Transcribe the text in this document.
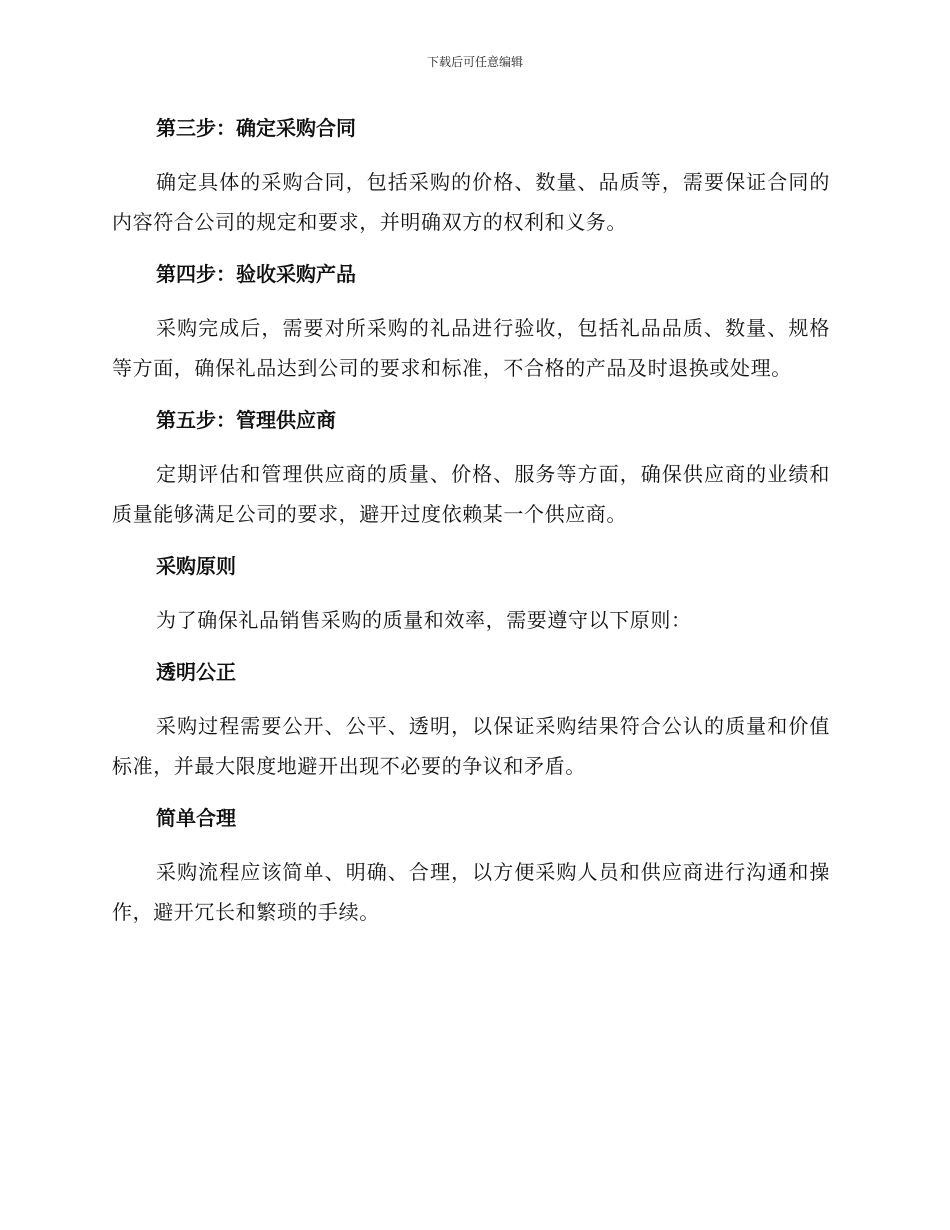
下载后可任意编辑
第三步：确定采购合同

确定具体的采购合同，包括采购的价格、数量、品质等，需要保证合同的内容符合公司的规定和要求，并明确双方的权利和义务。

第四步：验收采购产品

采购完成后，需要对所采购的礼品进行验收，包括礼品品质、数量、规格等方面，确保礼品达到公司的要求和标准，不合格的产品及时退换或处理。

第五步：管理供应商

定期评估和管理供应商的质量、价格、服务等方面，确保供应商的业绩和质量能够满足公司的要求，避开过度依赖某一个供应商。

采购原则

为了确保礼品销售采购的质量和效率，需要遵守以下原则：

透明公正

采购过程需要公开、公平、透明，以保证采购结果符合公认的质量和价值标准，并最大限度地避开出现不必要的争议和矛盾。

简单合理

采购流程应该简单、明确、合理，以方便采购人员和供应商进行沟通和操作，避开冗长和繁琐的手续。
